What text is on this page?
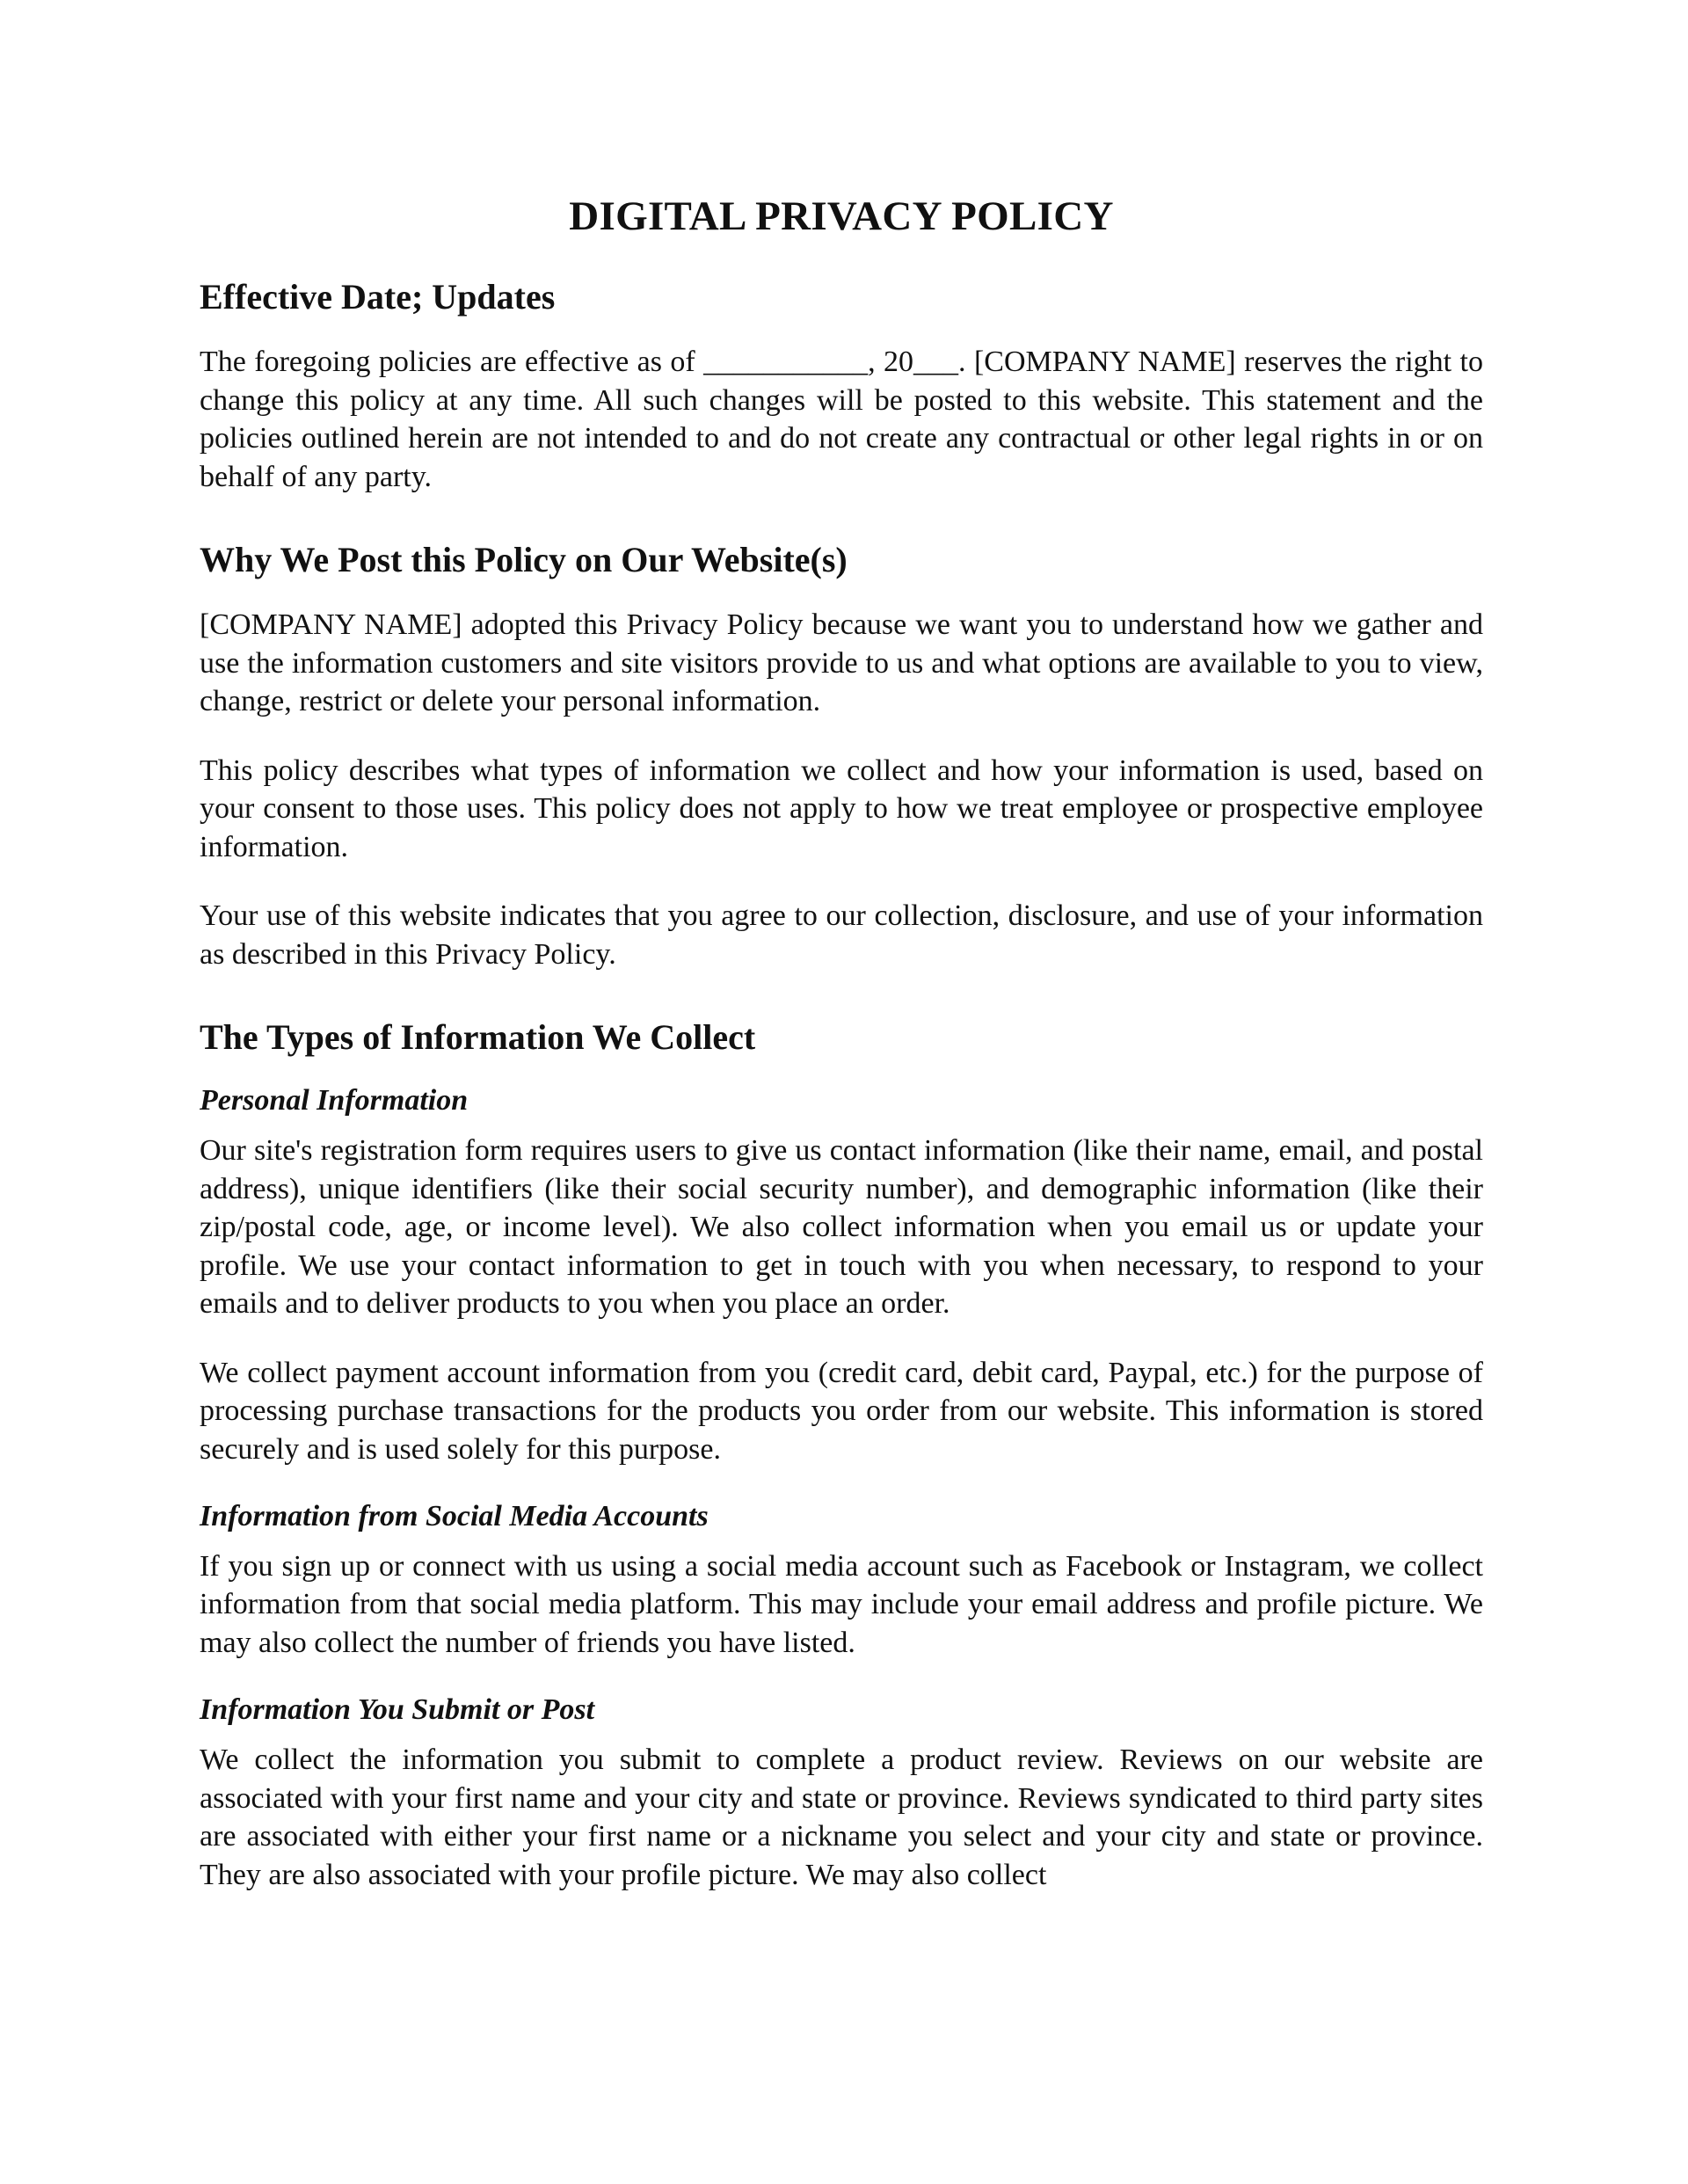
DIGITAL PRIVACY POLICY
Effective Date; Updates

The foregoing policies are effective as of ___________, 20___. [COMPANY NAME] reserves the right to change this policy at any time. All such changes will be posted to this website. This statement and the policies outlined herein are not intended to and do not create any contractual or other legal rights in or on behalf of any party.

Why We Post this Policy on Our Website(s)

[COMPANY NAME] adopted this Privacy Policy because we want you to understand how we gather and use the information customers and site visitors provide to us and what options are available to you to view, change, restrict or delete your personal information.

This policy describes what types of information we collect and how your information is used, based on your consent to those uses. This policy does not apply to how we treat employee or prospective employee information.

Your use of this website indicates that you agree to our collection, disclosure, and use of your information as described in this Privacy Policy.

The Types of Information We Collect
Personal Information

Our site's registration form requires users to give us contact information (like their name, email, and postal address), unique identifiers (like their social security number), and demographic information (like their zip/postal code, age, or income level). We also collect information when you email us or update your profile. We use your contact information to get in touch with you when necessary, to respond to your emails and to deliver products to you when you place an order.

We collect payment account information from you (credit card, debit card, Paypal, etc.) for the purpose of processing purchase transactions for the products you order from our website. This information is stored securely and is used solely for this purpose.

Information from Social Media Accounts

If you sign up or connect with us using a social media account such as Facebook or Instagram, we collect information from that social media platform. This may include your email address and profile picture. We may also collect the number of friends you have listed.

Information You Submit or Post

We collect the information you submit to complete a product review. Reviews on our website are associated with your first name and your city and state or province. Reviews syndicated to third party sites are associated with either your first name or a nickname you select and your city and state or province. They are also associated with your profile picture. We may also collect
